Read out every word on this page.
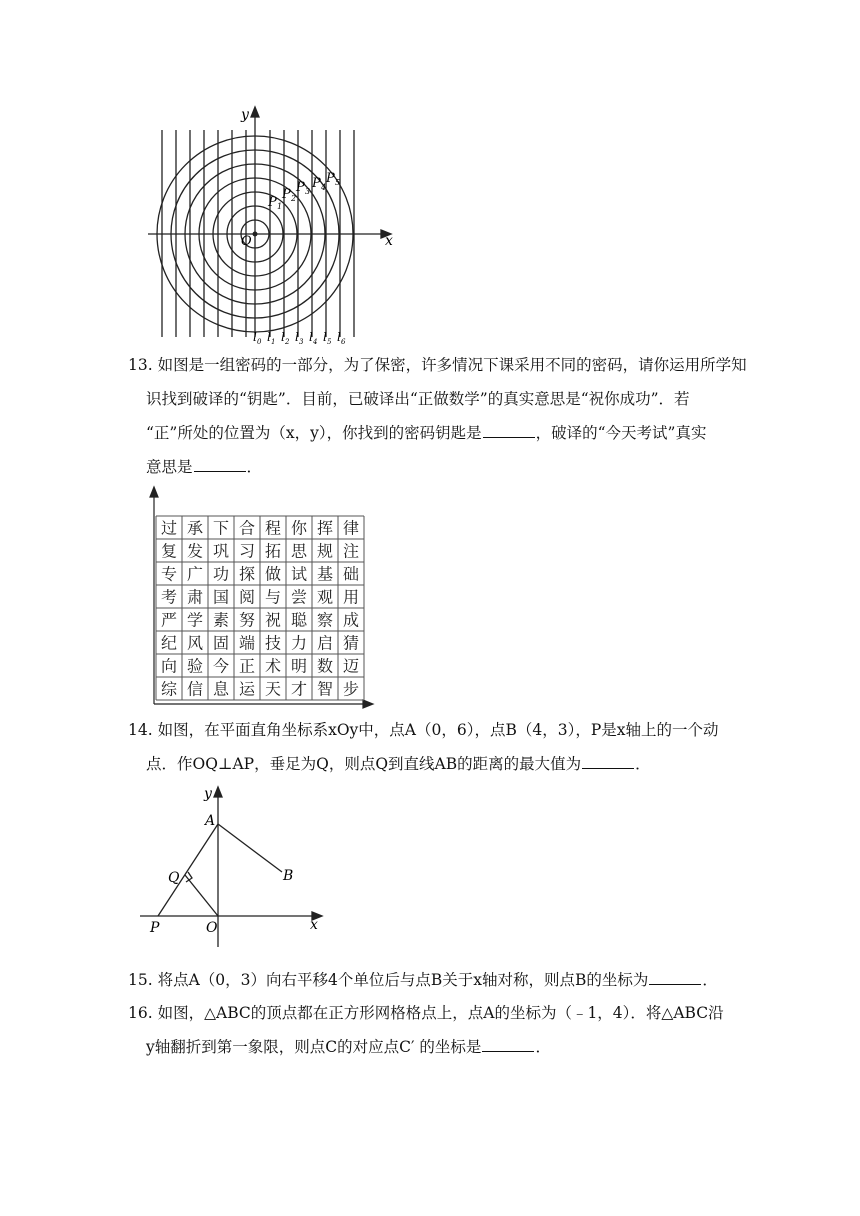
y
x
O
P 1
P 2
P 3
P 4
P 5
l 0 l 1 l 2 l 3 l 4 l 5 l 6
13. 如图是一组密码的一部分，为了保密，许多情况下课采用不同的密码，请你运用所学知
识找到破译的“钥匙”．目前，已破译出“正做数学”的真实意思是“祝你成功”．若
“正”所处的位置为（x，y），你找到的密码钥匙是	，破译的“今天考试”真实
意思是	．
过 承 下 合 程 你 挥 律
复 发 巩 习 拓 思 规 注
专 广 功 探 做 试 基 础
考 肃 国 阅 与 尝 观 用
严 学 素 努 祝 聪 察 成
纪 风 固 端 技 力 启 猜
向 验 今 正 术 明 数 迈
综 信 息 运 天 才 智 步
14. 如图，在平面直角坐标系xOy中，点A（0，6），点B（4，3），P是x轴上的一个动
点．作OQ⊥AP，垂足为Q，则点Q到直线AB的距离的最大值为	．
y
A
B
Q
O
P	x
15. 将点A（0，3）向右平移4个单位后与点B关于x轴对称，则点B的坐标为	．
16. 如图，△ABC的顶点都在正方形网格格点上，点A的坐标为（﹣1，4）．将△ABC沿
y轴翻折到第一象限，则点C的对应点C′ 的坐标是	．
